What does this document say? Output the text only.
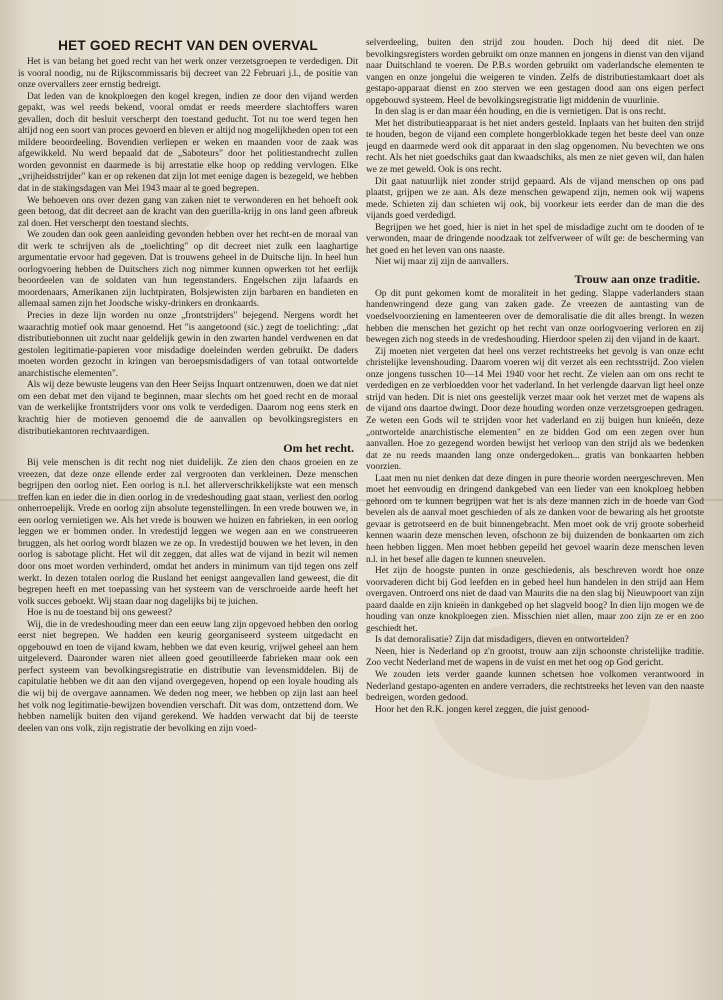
HET GOED RECHT VAN DEN OVERVAL

Het is van belang het goed recht van het werk onzer verzetsgroepen te verdedigen. Dit is vooral noodig, nu de Rijkscommissaris bij decreet van 22 Februari j.l., de positie van onze overvallers zeer ernstig bedreigt.

Dat leden van de knokploegen den kogel kregen, indien ze door den vijand werden gepakt, was wel reeds bekend, vooral omdat er reeds meerdere slachtoffers waren gevallen, doch dit besluit verscherpt den toestand geducht. Tot nu toe werd tegen hen altijd nog een soort van proces gevoerd en bleven er altijd nog mogelijkheden open tot een mildere beoordeeling. Bovendien verliepen er weken en maanden voor de zaak was afgewikkeld. Nu werd bepaald dat de „Saboteurs" door het politiestandrecht zullen worden gevonnist en daarmede is bij arrestatie elke hoop op redding vervlogen. Elke „vrijheidsstrijder" kan er op rekenen dat zijn lot met eenige dagen is bezegeld, we hebben dat in de stakingsdagen van Mei 1943 maar al te goed begrepen.

We behoeven ons over dezen gang van zaken niet te verwonderen en het behoeft ook geen betoog, dat dit decreet aan de kracht van den guerilla-krijg in ons land geen afbreuk zal doen. Het verscherpt den toestand slechts.

We zouden dan ook geen aanleiding gevonden hebben over het recht-en de moraal van dit werk te schrijven als de „toelichting" op dit decreet niet zulk een laaghartige argumentatie ervoor had gegeven. Dat is trouwens geheel in de Duitsche lijn. In heel hun oorlogvoering hebben de Duitschers zich nog nimmer kunnen opwerken tot het eerlijk beoordeelen van de soldaten van hun tegenstanders. Engelschen zijn lafaards en moordenaars, Amerikanen zijn luchtpiraten, Bolsjewisten zijn barbaren en bandieten en allemaal samen zijn het Joodsche wisky-drinkers en dronkaards.

Precies in deze lijn worden nu onze „frontstrijders" bejegend. Nergens wordt het waarachtig motief ook maar genoemd. Het "is aangetoond (sic.) zegt de toelichting: „dat distributiebonnen uit zucht naar geldelijk gewin in den zwarten handel verdwenen en dat gestolen legitimatie-papieren voor misdadige doeleinden werden gebruikt. De daders moeten worden gezocht in kringen van beroepsmisdadigers of van totaal ontwortelde anarchistische elementen".

Als wij deze bewuste leugens van den Heer Seijss Inquart ontzenuwen, doen we dat niet om een debat met den vijand te beginnen, maar slechts om het goed recht en de moraal van de werkelijke frontstrijders voor ons volk te verdedigen. Daarom nog eens sterk en krachtig hier de motieven genoemd die de aanvallen op bevolkingsregisters en distributiekantoren rechtvaardigen.

Om het recht.

Bij vele menschen is dit recht nog niet duidelijk. Ze zien den chaos groeien en ze vreezen, dat deze onze ellende erder zal vergrooten dan verkleinen. Deze menschen begrijpen den oorlog niet. Een oorlog is n.l. het allerverschrikkelijkste wat een mensch treffen kan en ieder die in dien oorlog in de vredeshouding gaat staan, verliest den oorlog onherroepelijk. Vrede en oorlog zijn absolute tegenstellingen. In een vrede bouwen we, in een oorlog vernietigen we. Als het vrede is bouwen we huizen en fabrieken, in een oorlog leggen we er bommen onder. In vredestijd leggen we wegen aan en we construeeren bruggen, als het oorlog wordt blazen we ze op. In vredestijd bouwen we het leven, in den oorlog is sabotage plicht. Het wil dit zeggen, dat alles wat de vijand in bezit wil nemen door ons moet worden verhinderd, omdat het anders in minimum van tijd tegen ons zelf werkt. In dezen totalen oorlog die Rusland het eenigst aangevallen land geweest, die dit begrepen heeft en met toepassing van het systeem van de verschroeide aarde heeft het volk succes geboekt. Wij staan daar nog dagelijks bij te juichen.

Hoe is nu de toestand bij ons geweest?

Wij, die in de vredeshouding meer dan een eeuw lang zijn opgevoed hebben den oorlog eerst niet begrepen. We hadden een keurig georganiseerd systeem uitgedacht en opgebouwd en toen de vijand kwam, hebben we dat even keurig, vrijwel geheel aan hem uitgeleverd. Daaronder waren niet alleen goed geoutilleerde fabrieken maar ook een perfect systeem van bevolkingsregistratie en distributie van levensmiddelen. Bij de capitulatie hebben we dit aan den vijand overgegeven, hopend op een loyale houding als die wij bij de overgave aannamen. We deden nog meer, we hebben op zijn last aan heel het volk nog legitimatie-bewijzen bovendien verschaft. Dit was dom, ontzettend dom. We hebben namelijk buiten den vijand gerekend. We hadden verwacht dat bij de teerste deelen van ons volk, zijn registratie der bevolking en zijn voed-

selverdeeling, buiten den strijd zou houden. Doch hij deed dit niet. De bevolkingsregisters worden gebruikt om onze mannen en jongens in dienst van den vijand naar Duitschland te voeren. De P.B.s worden gebruikt om vaderlandsche elementen te vangen en onze jongelui die weigeren te vinden. Zelfs de distributiestamkaart doet als gestapo-apparaat dienst en zoo sterven we een gestagen dood aan ons eigen perfect opgebouwd systeem. Heel de bevolkingsregistratie ligt middenin de vuurlinie.

In den slag is er dan maar één houding, en die is vernietigen. Dat is ons recht.

Met het distributieapparaat is het niet anders gesteld. Inplaats van het buiten den strijd te houden, begon de vijand een complete hongerblokkade tegen het beste deel van onze jeugd en daarmede werd ook dit apparaat in den slag opgenomen. Nu bevechten we ons recht. Als het niet goedschiks gaat dan kwaadschiks, als men ze niet geven wil, dan halen we ze met geweld. Ook is ons recht.

Dit gaat natuurlijk niet zonder strijd gepaard. Als de vijand menschen op ons pad plaatst, grijpen we ze aan. Als deze menschen gewapend zijn, nemen ook wij wapens mede. Schieten zij dan schieten wij ook, bij voorkeur iets eerder dan de man die des vijands goed verdedigd.

Begrijpen we het goed, hier is niet in het spel de misdadige zucht om te dooden of te verwonden, maar de dringende noodzaak tot zelfverweer of wilt ge: de bescherming van het goed en het leven van ons naaste.

Niet wij maar zij zijn de aanvallers.

Trouw aan onze traditie.

Op dit punt gekomen komt de moraliteit in het geding. Slappe vaderlanders staan handenwringend deze gang van zaken gade. Ze vreezen de aantasting van de voedselvoorziening en lamenteeren over de demoralisatie die dit alles brengt. In wezen hebben die menschen het gezicht op het recht van onze oorlogvoering verloren en zij bewegen zich nog steeds in de vredeshouding. Hierdoor spelen zij den vijand in de kaart.

Zij moeten niet vergeten dat heel ons verzet rechtstreeks het gevolg is van onze echt christelijke levenshouding. Daarom voeren wij dit verzet als een rechtsstrijd. Zoo vielen onze jongens tusschen 10—14 Mei 1940 voor het recht. Ze vielen aan om ons recht te verdedigen en ze verbloedden voor het vaderland. In het verlengde daarvan ligt heel onze strijd van heden. Dit is niet ons geestelijk verzet maar ook het verzet met de wapens als de vijand ons daartoe dwingt. Door deze houding worden onze verzetsgroepen gedragen. Ze weten een Gods wil te strijden voor het vaderland en zij buigen hun knieën, deze „ontwortelde anarchistische elementen" en ze bidden God om een zegen over hun aanvallen. Hoe zo gezegend worden bewijst het verloop van den strijd als we bedenken dat ze nu reeds maanden lang onze ondergedoken... gratis van bonkaarten hebben voorzien.

Laat men nu niet denken dat deze dingen in pure theorie worden neergeschreven. Men moet het eenvoudig en dringend dankgebed van een lieder van een knokploeg hebben gehoord om te kunnen begrijpen wat het is als deze mannen zich in de hoede van God bevelen als de aanval moet geschieden of als ze danken voor de bewaring als het grootste gevaar is getrotseerd en de buit binnengebracht. Men moet ook de vrij groote soberheid kennen waarin deze menschen leven, ofschoon ze bij duizenden de bonkaarten om zich heen hebben liggen. Men moet hebben gepeild het gevoel waarin deze menschen leven n.l. in het besef alle dagen te kunnen sneuvelen.

Het zijn de hoogste punten in onze geschiedenis, als beschreven wordt hoe onze voorvaderen dicht bij God leefden en in gebed heel hun handelen in den strijd aan Hem overgaven. Ontroerd ons niet de daad van Maurits die na den slag bij Nieuwpoort van zijn paard daalde en zijn knieën in dankgebed op het slagveld boog? In dien lijn mogen we de houding van onze knokploegen zien. Misschien niet allen, maar zoo zijn ze er en zoo geschiedt het.

Is dat demoralisatie? Zijn dat misdadigers, dieven en ontwortelden?

Neen, hier is Nederland op z'n grootst, trouw aan zijn schoonste christelijke traditie. Zoo vecht Nederland met de wapens in de vuist en met het oog op God gericht.

We zouden iets verder gaande kunnen schetsen hoe volkomen verantwoord in Nederland gestapo-agenten en andere verraders, die rechtstreeks het leven van den naaste bedreigen, worden gedood.

Hoor het den R.K. jongen kerel zeggen, die juist genood-
